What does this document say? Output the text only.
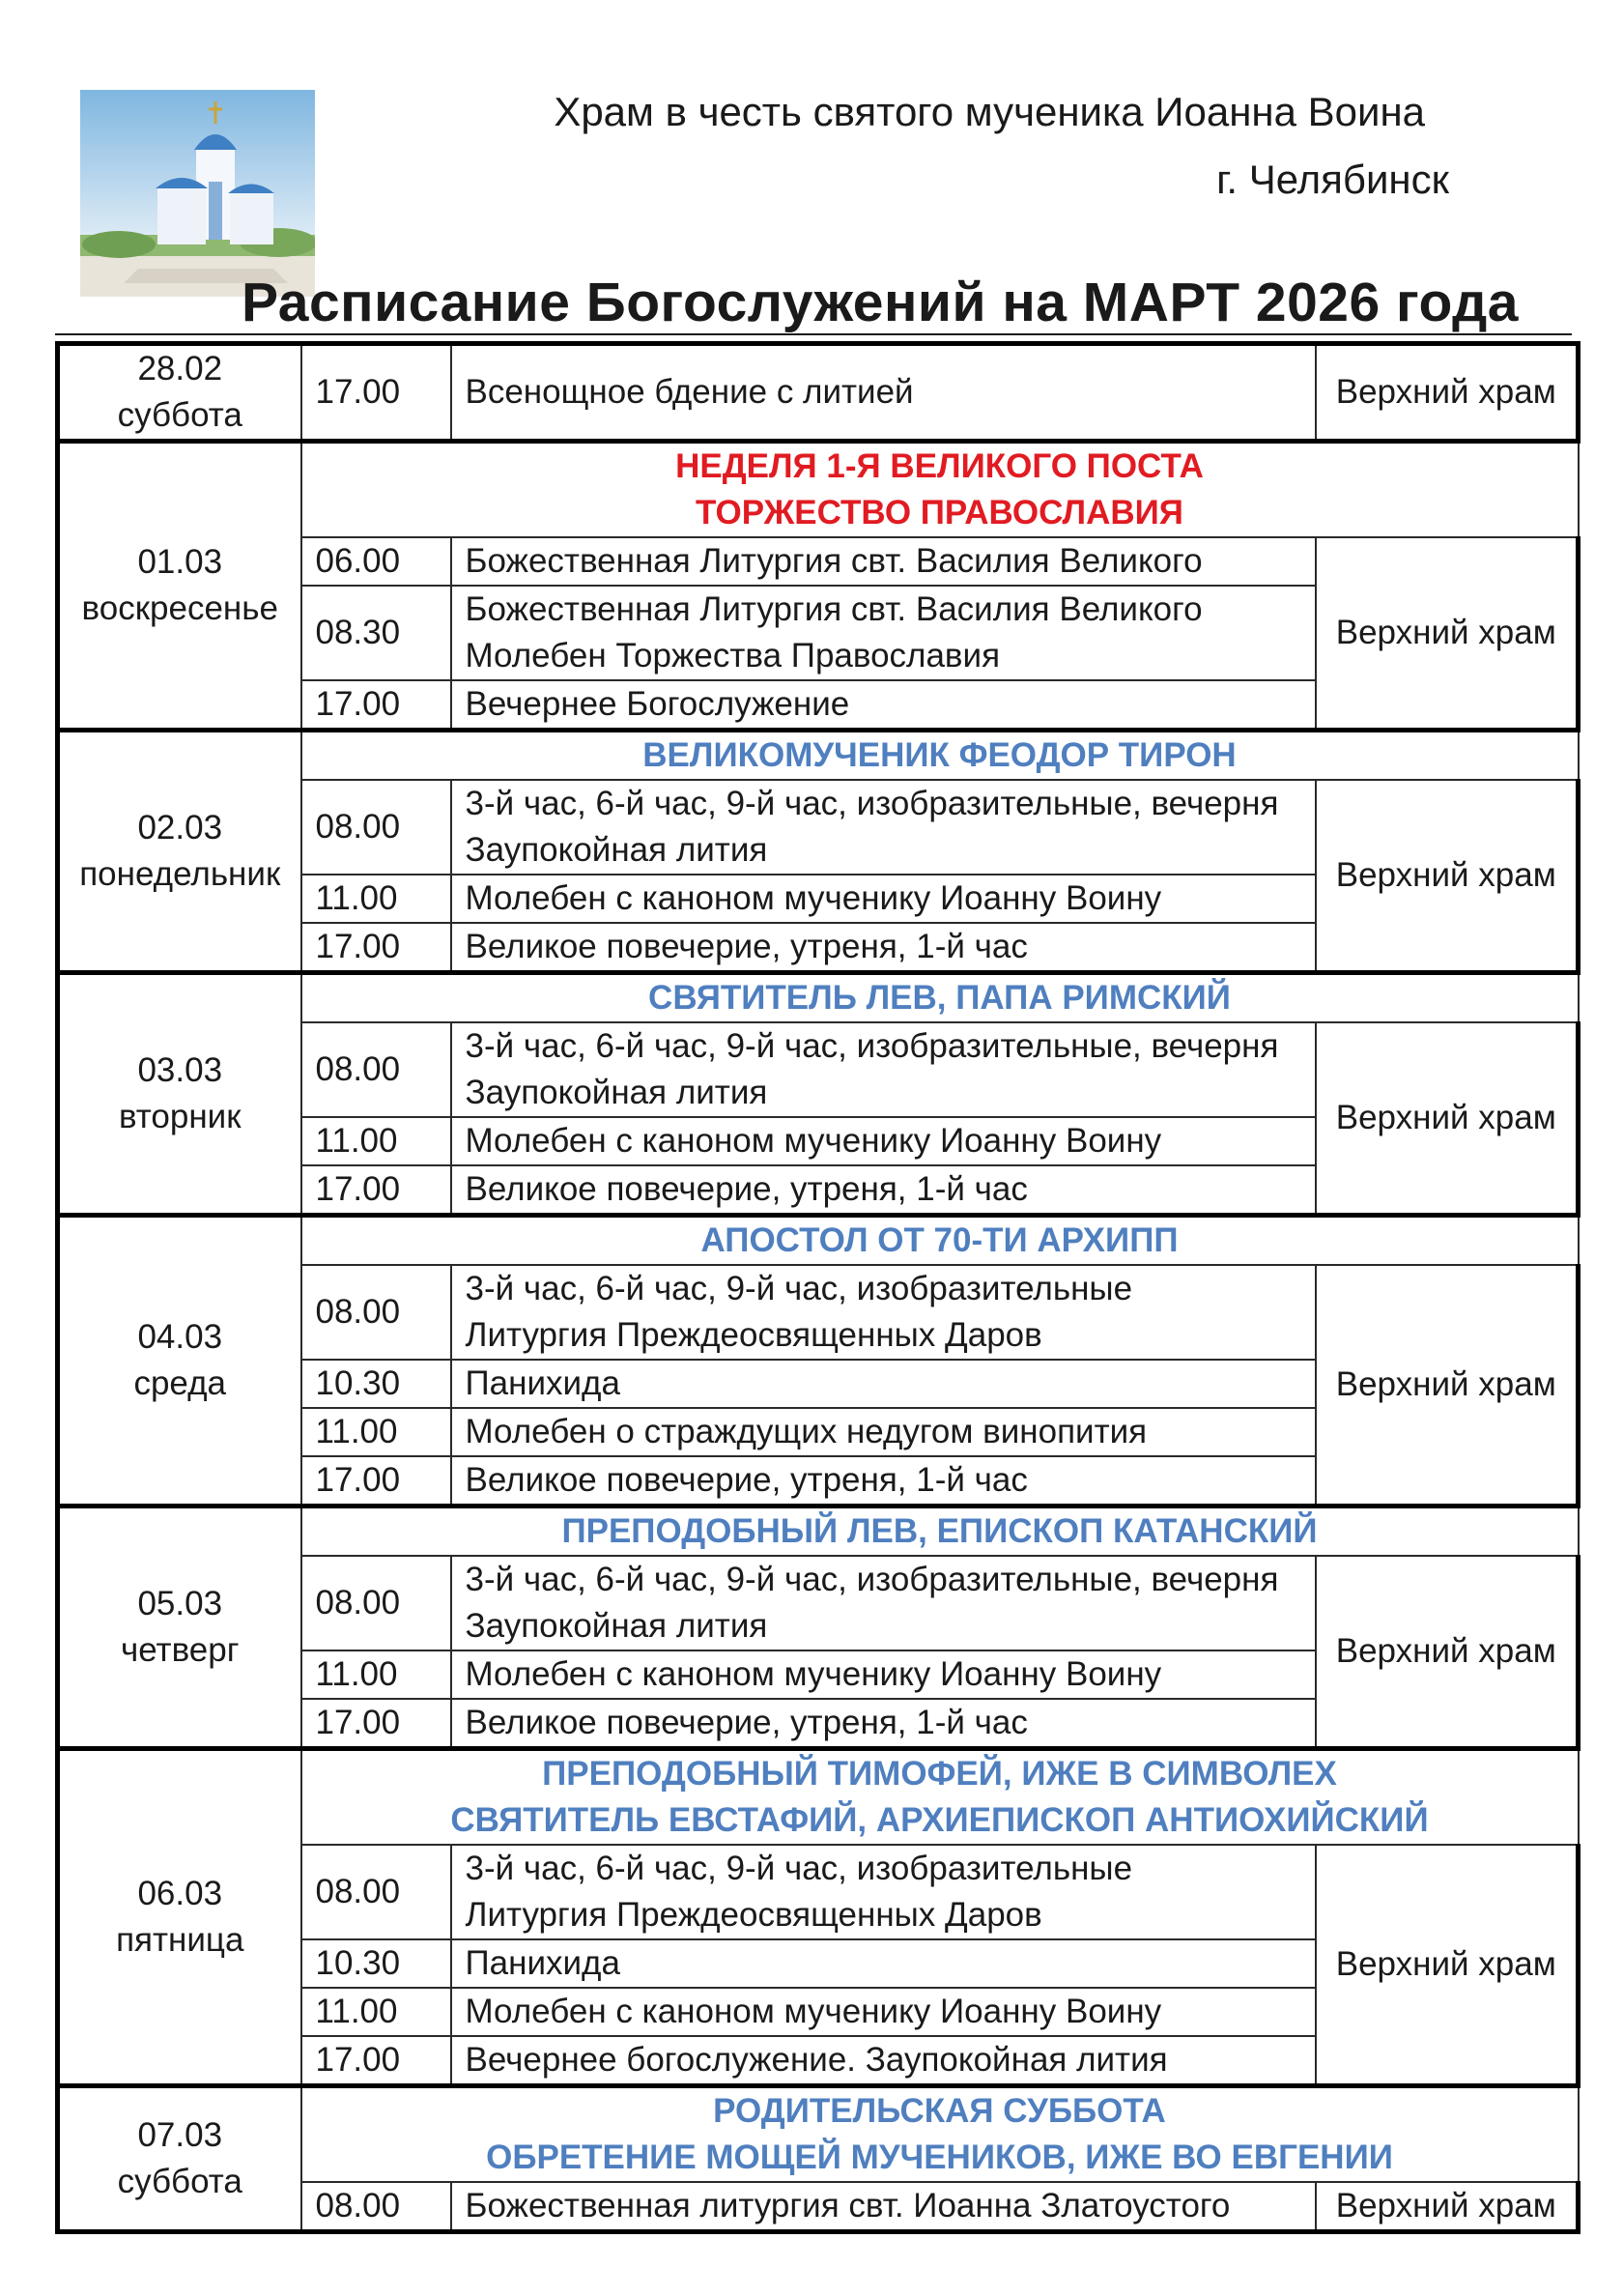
Храм в честь святого мученика Иоанна Воина
г. Челябинск
Расписание Богослужений на МАРТ 2026 года
28.02
суббота	17.00	Всенощное бдение с литией	Верхний храм
01.03
воскресенье	НЕДЕЛЯ 1-Я ВЕЛИКОГО ПОСТА
ТОРЖЕСТВО ПРАВОСЛАВИЯ		
	06.00	Божественная Литургия свт. Василия Великого	Верхний храм
	08.30	Божественная Литургия свт. Василия Великого
Молебен Торжества Православия	
	17.00	Вечернее Богослужение	
02.03
понедельник	ВЕЛИКОМУЧЕНИК ФЕОДОР ТИРОН		
	08.00	3-й час, 6-й час, 9-й час, изобразительные, вечерня
Заупокойная лития	Верхний храм
	11.00	Молебен с каноном мученику Иоанну Воину	
	17.00	Великое повечерие, утреня, 1-й час	
03.03
вторник	СВЯТИТЕЛЬ ЛЕВ, ПАПА РИМСКИЙ		
	08.00	3-й час, 6-й час, 9-й час, изобразительные, вечерня
Заупокойная лития	Верхний храм
	11.00	Молебен с каноном мученику Иоанну Воину	
	17.00	Великое повечерие, утреня, 1-й час	
04.03
среда	АПОСТОЛ ОТ 70-ТИ АРХИПП		
	08.00	3-й час, 6-й час, 9-й час, изобразительные
Литургия Преждеосвященных Даров	Верхний храм
	10.30	Панихида	
	11.00	Молебен о страждущих недугом винопития	
	17.00	Великое повечерие, утреня, 1-й час	
05.03
четверг	ПРЕПОДОБНЫЙ ЛЕВ, ЕПИСКОП КАТАНСКИЙ		
	08.00	3-й час, 6-й час, 9-й час, изобразительные, вечерня
Заупокойная лития	Верхний храм
	11.00	Молебен с каноном мученику Иоанну Воину	
	17.00	Великое повечерие, утреня, 1-й час	
06.03
пятница	ПРЕПОДОБНЫЙ ТИМОФЕЙ, ИЖЕ В СИМВОЛЕХ
СВЯТИТЕЛЬ ЕВСТАФИЙ, АРХИЕПИСКОП АНТИОХИЙСКИЙ		
	08.00	3-й час, 6-й час, 9-й час, изобразительные
Литургия Преждеосвященных Даров	Верхний храм
	10.30	Панихида	
	11.00	Молебен с каноном мученику Иоанну Воину	
	17.00	Вечернее богослужение. Заупокойная лития	
07.03
суббота	РОДИТЕЛЬСКАЯ СУББОТА
ОБРЕТЕНИЕ МОЩЕЙ МУЧЕНИКОВ, ИЖЕ ВО ЕВГЕНИИ		
	08.00	Божественная литургия свт. Иоанна Златоустого	Верхний храм
